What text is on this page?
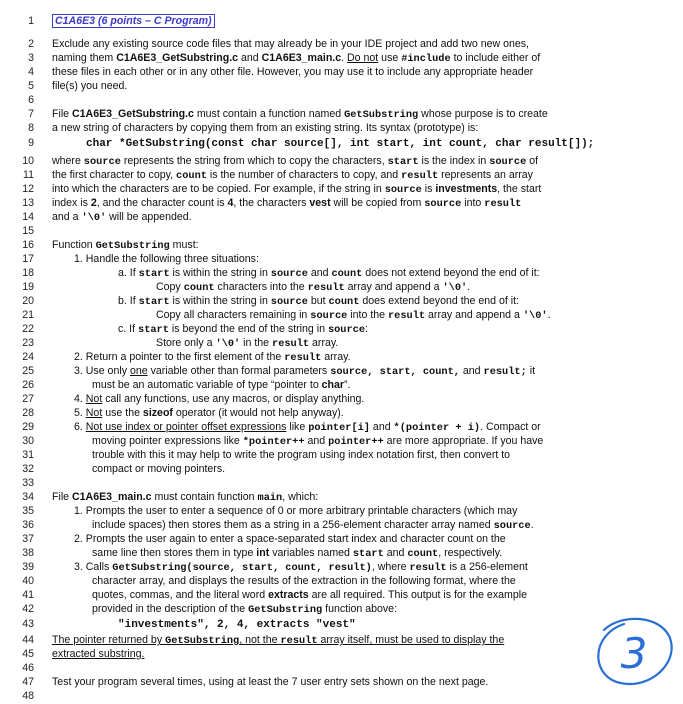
1
2
3
4
5
6
7
8
9
10
11
12
13
14
15
16
17
18
19
20
21
22
23
24
25
26
27
28
29
30
31
32
33
34
35
36
37
38
39
40
41
42
43
44
45
46
47
48
C1A6E3 (6 points – C Program)
Exclude any existing source code files that may already be in your IDE project and add two new ones,
naming them C1A6E3_GetSubstring.c and C1A6E3_main.c. Do not use #include to include either of
these files in each other or in any other file. However, you may use it to include any appropriate header
file(s) you need.
File C1A6E3_GetSubstring.c must contain a function named GetSubstring whose purpose is to create
a new string of characters by copying them from an existing string. Its syntax (prototype) is:
char *GetSubstring(const char source[], int start, int count, char result[]);
where source represents the string from which to copy the characters, start is the index in source of
the first character to copy, count is the number of characters to copy, and result represents an array
into which the characters are to be copied. For example, if the string in source is investments, the start
index is 2, and the character count is 4, the characters vest will be copied from source into result
and a '\0' will be appended.
Function GetSubstring must:
1. Handle the following three situations:
a. If start is within the string in source and count does not extend beyond the end of it:
Copy count characters into the result array and append a '\0'.
b. If start is within the string in source but count does extend beyond the end of it:
Copy all characters remaining in source into the result array and append a '\0'.
c. If start is beyond the end of the string in source:
Store only a '\0' in the result array.
2. Return a pointer to the first element of the result array.
3. Use only one variable other than formal parameters source, start, count, and result; it
must be an automatic variable of type “pointer to char”.
4. Not call any functions, use any macros, or display anything.
5. Not use the sizeof operator (it would not help anyway).
6. Not use index or pointer offset expressions like pointer[i] and *(pointer + i). Compact or
moving pointer expressions like *pointer++ and pointer++ are more appropriate. If you have
trouble with this it may help to write the program using index notation first, then convert to
compact or moving pointers.
File C1A6E3_main.c must contain function main, which:
1. Prompts the user to enter a sequence of 0 or more arbitrary printable characters (which may
include spaces) then stores them as a string in a 256-element character array named source.
2. Prompts the user again to enter a space-separated start index and character count on the
same line then stores them in type int variables named start and count, respectively.
3. Calls GetSubstring(source, start, count, result), where result is a 256-element
character array, and displays the results of the extraction in the following format, where the
quotes, commas, and the literal word extracts are all required. This output is for the example
provided in the description of the GetSubstring function above:
"investments", 2, 4, extracts "vest"
The pointer returned by GetSubstring, not the result array itself, must be used to display the
extracted substring.
Test your program several times, using at least the 7 user entry sets shown on the next page.
3
